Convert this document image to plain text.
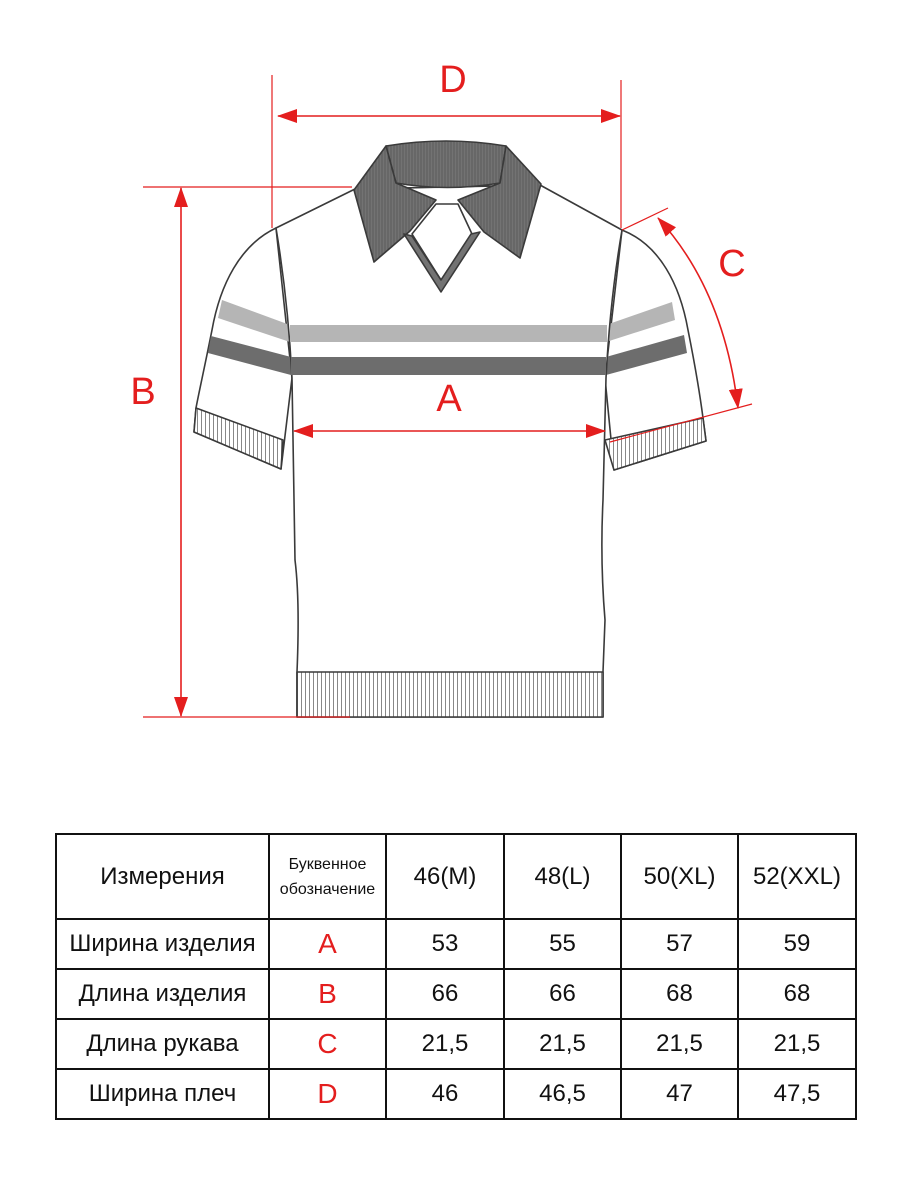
D
B
C
A
Измерения	Буквенное обозначение	46(M)	48(L)	50(XL)	52(XXL)
Ширина изделия	A	53	55	57	59
Длина изделия	B	66	66	68	68
Длина рукава	C	21,5	21,5	21,5	21,5
Ширина плеч	D	46	46,5	47	47,5
